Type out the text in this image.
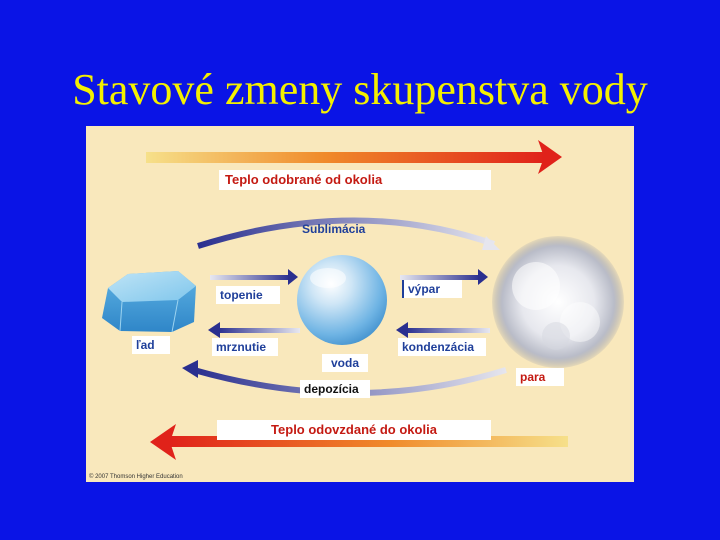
Stavové zmeny skupenstva vody
Teplo odobrané od okolia
Teplo odovzdané do okolia
Sublimácia
topenie	výpar
mrznutie	kondenzácia
depozícia
ľad
voda
para
© 2007 Thomson Higher Education
